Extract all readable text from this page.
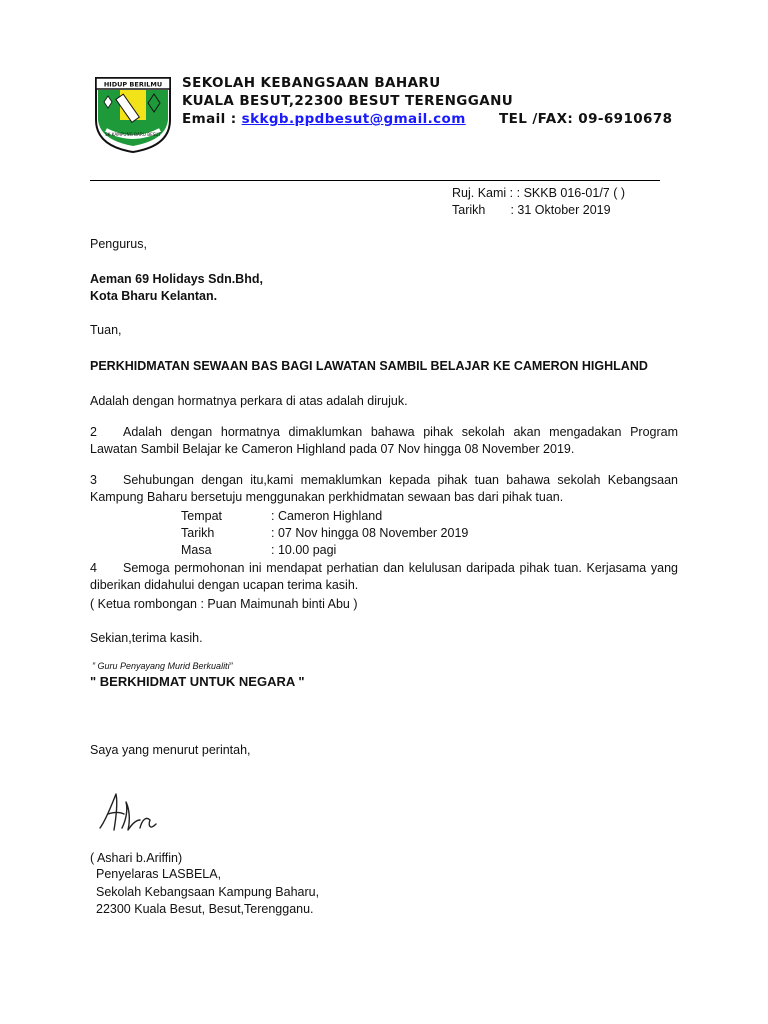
HIDUP BERILMU
SK KAMPUNG BARU BESUT
SEKOLAH KEBANGSAAN BAHARU
KUALA BESUT,22300 BESUT TERENGGANU
Email : skkgb.ppdbesut@gmail.com TEL /FAX: 09-6910678
Ruj. Kami : : SKKB 016-01/7 ( )
Tarikh : 31 Oktober 2019
Pengurus,
Aeman 69 Holidays Sdn.Bhd,
Kota Bharu Kelantan.
Tuan,
PERKHIDMATAN SEWAAN BAS BAGI LAWATAN SAMBIL BELAJAR KE CAMERON HIGHLAND
Adalah dengan hormatnya perkara di atas adalah dirujuk.
2	Adalah dengan hormatnya dimaklumkan bahawa pihak sekolah akan mengadakan Program Lawatan Sambil Belajar ke Cameron Highland pada 07 Nov hingga 08 November 2019.
3	Sehubungan dengan itu,kami memaklumkan kepada pihak tuan bahawa sekolah Kebangsaan Kampung Baharu bersetuju menggunakan perkhidmatan sewaan bas dari pihak tuan.
Tempat	: Cameron Highland
Tarikh	: 07 Nov hingga 08 November 2019
Masa	: 10.00 pagi
4	Semoga permohonan ini mendapat perhatian dan kelulusan daripada pihak tuan. Kerjasama yang diberikan didahului dengan ucapan terima kasih.
( Ketua rombongan : Puan Maimunah binti Abu )
Sekian,terima kasih.
” Guru Penyayang Murid Berkualiti”
" BERKHIDMAT UNTUK NEGARA "
Saya yang menurut perintah,
( Ashari b.Ariffin)
Penyelaras LASBELA,
Sekolah Kebangsaan Kampung Baharu,
22300 Kuala Besut, Besut,Terengganu.
